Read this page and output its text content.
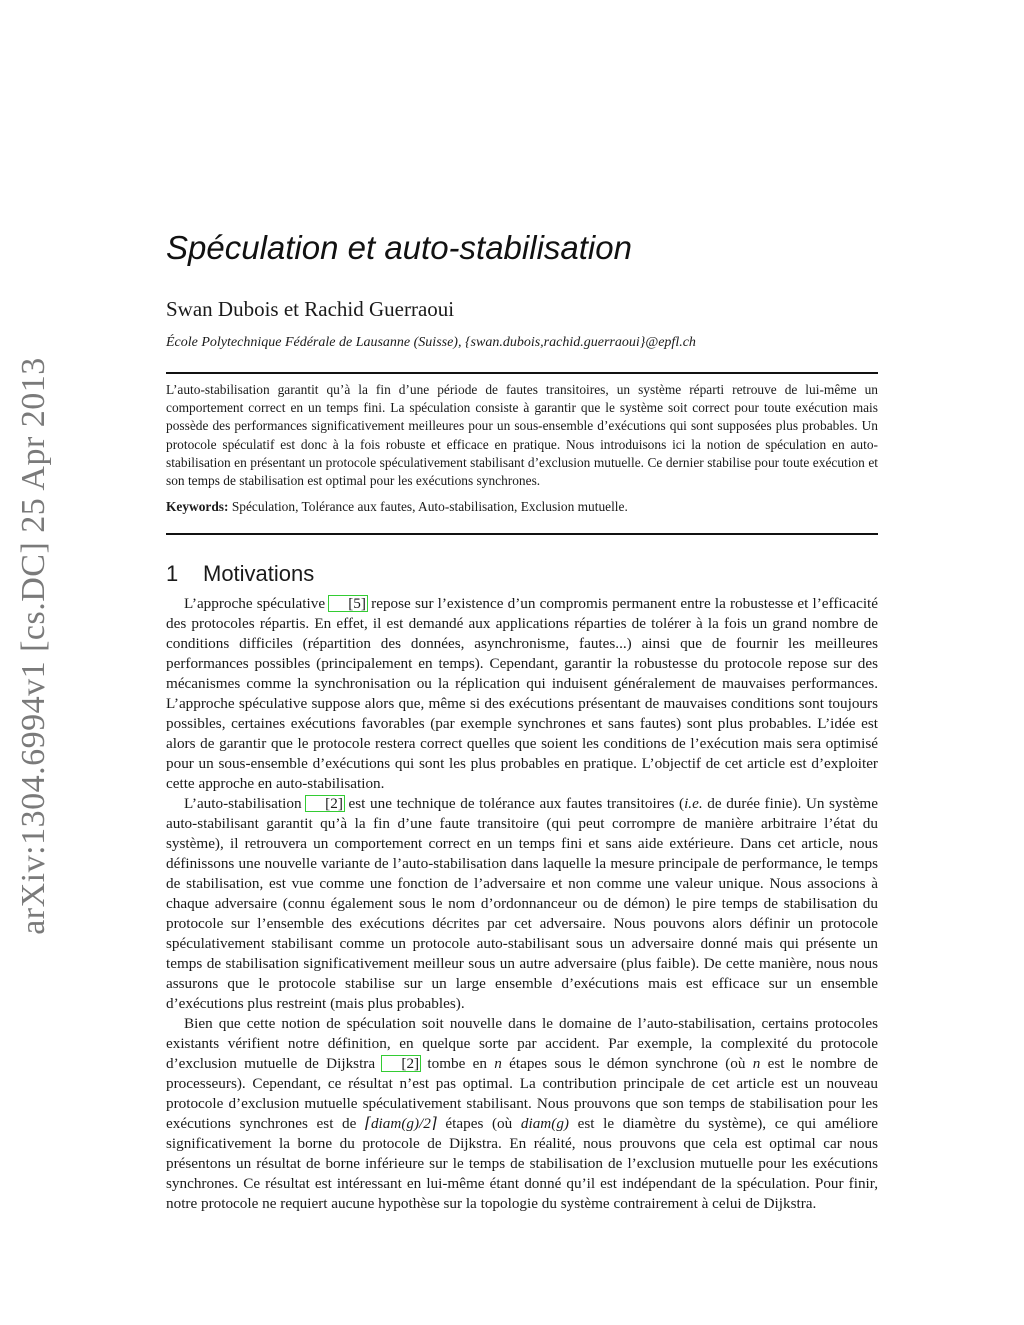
arXiv:1304.6994v1 [cs.DC] 25 Apr 2013
Spéculation et auto-stabilisation
Swan Dubois et Rachid Guerraoui
École Polytechnique Fédérale de Lausanne (Suisse), {swan.dubois,rachid.guerraoui}@epfl.ch
L’auto-stabilisation garantit qu’à la fin d’une période de fautes transitoires, un système réparti retrouve de lui-même un comportement correct en un temps fini. La spéculation consiste à garantir que le système soit correct pour toute exécution mais possède des performances significativement meilleures pour un sous-ensemble d’exécutions qui sont supposées plus probables. Un protocole spéculatif est donc à la fois robuste et efficace en pratique. Nous introduisons ici la notion de spéculation en auto-stabilisation en présentant un protocole spéculativement stabilisant d’exclusion mutuelle. Ce dernier stabilise pour toute exécution et son temps de stabilisation est optimal pour les exécutions synchrones.
Keywords: Spéculation, Tolérance aux fautes, Auto-stabilisation, Exclusion mutuelle.
1 Motivations

L’approche spéculative [5] repose sur l’existence d’un compromis permanent entre la robustesse et l’efficacité des protocoles répartis. En effet, il est demandé aux applications réparties de tolérer à la fois un grand nombre de conditions difficiles (répartition des données, asynchronisme, fautes...) ainsi que de fournir les meilleures performances possibles (principalement en temps). Cependant, garantir la robustesse du protocole repose sur des mécanismes comme la synchronisation ou la réplication qui induisent généralement de mauvaises performances. L’approche spéculative suppose alors que, même si des exécutions présentant de mauvaises conditions sont toujours possibles, certaines exécutions favorables (par exemple synchrones et sans fautes) sont plus probables. L’idée est alors de garantir que le protocole restera correct quelles que soient les conditions de l’exécution mais sera optimisé pour un sous-ensemble d’exécutions qui sont les plus probables en pratique. L’objectif de cet article est d’exploiter cette approche en auto-stabilisation.

L’auto-stabilisation [2] est une technique de tolérance aux fautes transitoires (i.e. de durée finie). Un système auto-stabilisant garantit qu’à la fin d’une faute transitoire (qui peut corrompre de manière arbitraire l’état du système), il retrouvera un comportement correct en un temps fini et sans aide extérieure. Dans cet article, nous définissons une nouvelle variante de l’auto-stabilisation dans laquelle la mesure principale de performance, le temps de stabilisation, est vue comme une fonction de l’adversaire et non comme une valeur unique. Nous associons à chaque adversaire (connu également sous le nom d’ordonnanceur ou de démon) le pire temps de stabilisation du protocole sur l’ensemble des exécutions décrites par cet adversaire. Nous pouvons alors définir un protocole spéculativement stabilisant comme un protocole auto-stabilisant sous un adversaire donné mais qui présente un temps de stabilisation significativement meilleur sous un autre adversaire (plus faible). De cette manière, nous nous assurons que le protocole stabilise sur un large ensemble d’exécutions mais est efficace sur un ensemble d’exécutions plus restreint (mais plus probables).

Bien que cette notion de spéculation soit nouvelle dans le domaine de l’auto-stabilisation, certains protocoles existants vérifient notre définition, en quelque sorte par accident. Par exemple, la complexité du protocole d’exclusion mutuelle de Dijkstra [2] tombe en n étapes sous le démon synchrone (où n est le nombre de processeurs). Cependant, ce résultat n’est pas optimal. La contribution principale de cet article est un nouveau protocole d’exclusion mutuelle spéculativement stabilisant. Nous prouvons que son temps de stabilisation pour les exécutions synchrones est de ⌈diam(g)/2⌉ étapes (où diam(g) est le diamètre du système), ce qui améliore significativement la borne du protocole de Dijkstra. En réalité, nous prouvons que cela est optimal car nous présentons un résultat de borne inférieure sur le temps de stabilisation de l’exclusion mutuelle pour les exécutions synchrones. Ce résultat est intéressant en lui-même étant donné qu’il est indépendant de la spéculation. Pour finir, notre protocole ne requiert aucune hypothèse sur la topologie du système contrairement à celui de Dijkstra.
